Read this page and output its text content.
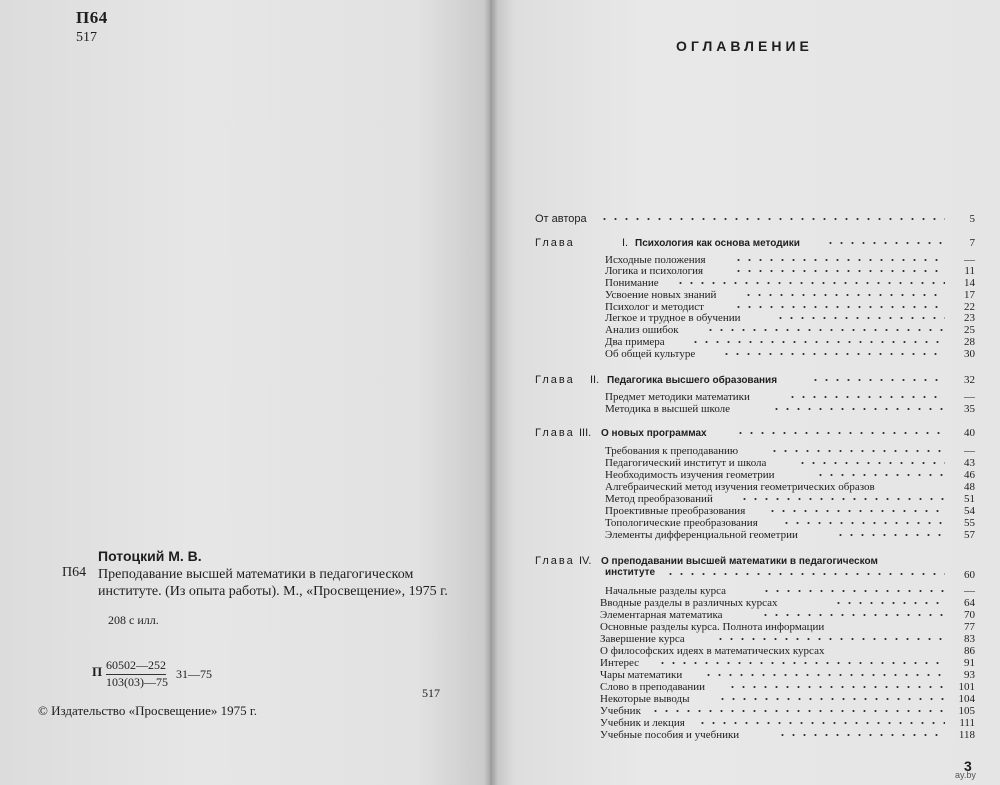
П64
517
Потоцкий М. В.
П64 Преподавание высшей математики в педагогическом институте. (Из опыта работы). М., «Просвещение», 1975 г.
208 с илл.
П 60502—252
103(03)—75
31—75
517
© Издательство «Просвещение» 1975 г.
ОГЛАВЛЕНИЕ
От автора	5
Глава	I. Психология как основа методики	7
Исходные положения	—
Логика и психология	11
Понимание	14
Усвоение новых знаний	17
Психолог и методист	22
Легкое и трудное в обучении	23
Анализ ошибок	25
Два примера	28
Об общей культуре	30
Глава II. Педагогика высшего образования	32
Предмет методики математики	—
Методика в высшей школе	35
Глава III. О новых программах	40
Требования к преподаванию	—
Педагогический институт и школа	43
Необходимость изучения геометрии	46
Алгебраический метод изучения геометрических образов	48
Метод преобразований	51
Проективные преобразования	54
Топологические преобразования	55
Элементы дифференциальной геометрии	57
Глава IV. О преподавании высшей математики в педагогическом
институте	60
Начальные разделы курса	—
Вводные разделы в различных курсах	64
Элементарная математика	70
Основные разделы курса. Полнота информации	77
Завершение курса	83
О философских идеях в математических курсах	86
Интерес	91
Чары математики	93
Слово в преподавании	101
Некоторые выводы	104
Учебник	105
Учебник и лекция	111
Учебные пособия и учебники	118
3
ay.by
